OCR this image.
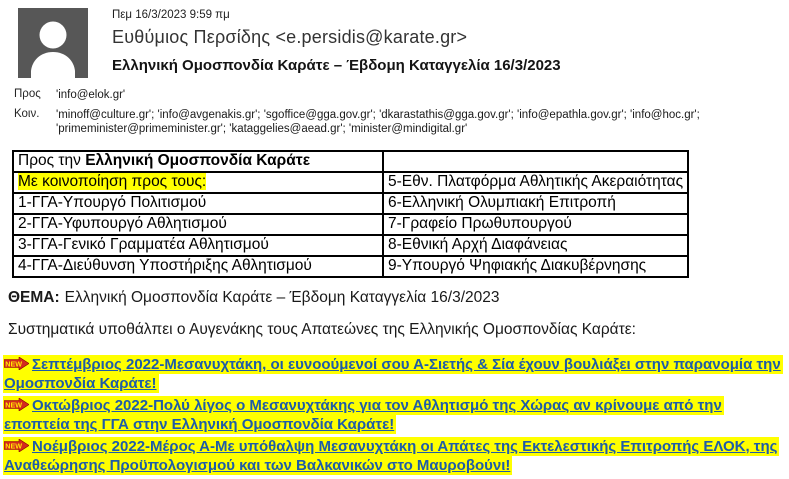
Πεμ 16/3/2023 9:59 πμ
Ευθύμιος Περσίδης <e.persidis@karate.gr>
Ελληνική Ομοσπονδία Καράτε – Έβδομη Καταγγελία 16/3/2023
Προς	'info@elok.gr'
Κοιν.	'minoff@culture.gr'; 'info@avgenakis.gr'; 'sgoffice@gga.gov.gr'; 'dkarastathis@gga.gov.gr'; 'info@epathla.gov.gr'; 'info@hoc.gr'; 'primeminister@primeminister.gr'; 'kataggelies@aead.gr'; 'minister@mindigital.gr'
Προς την Ελληνική Ομοσπονδία Καράτε	
Με κοινοποίηση προς τους:	5-Εθν. Πλατφόρμα Αθλητικής Ακεραιότητας
1-ΓΓΑ-Υπουργό Πολιτισμού	6-Ελληνική Ολυμπιακή Επιτροπή
2-ΓΓΑ-Υφυπουργό Αθλητισμού	7-Γραφείο Πρωθυπουργού
3-ΓΓΑ-Γενικό Γραμματέα Αθλητισμού	8-Εθνική Αρχή Διαφάνειας
4-ΓΓΑ-Διεύθυνση Υποστήριξης Αθλητισμού	9-Υπουργό Ψηφιακής Διακυβέρνησης
ΘΕΜΑ: Ελληνική Ομοσπονδία Καράτε – Έβδομη Καταγγελία 16/3/2023
Συστηματικά υποθάλπει ο Αυγενάκης τους Απατεώνες της Ελληνικής Ομοσπονδίας Καράτε:

NEW Σεπτέμβριος 2022-Μεσανυχτάκη, οι ευνοούμενοί σου Α-Σιετής & Σία έχουν βουλιάξει στην παρανομία την Ομοσπονδία Καράτε!

NEW Οκτώβριος 2022-Πολύ λίγος ο Μεσανυχτάκης για τον Αθλητισμό της Χώρας αν κρίνουμε από την εποπτεία της ΓΓΑ στην Ελληνική Ομοσπονδία Καράτε!

NEW Νοέμβριος 2022-Μέρος Α-Με υπόθαλψη Μεσανυχτάκη οι Απάτες της Εκτελεστικής Επιτροπής ΕΛΟΚ, της Αναθεώρησης Προϋπολογισμού και των Βαλκανικών στο Μαυροβούνι!
